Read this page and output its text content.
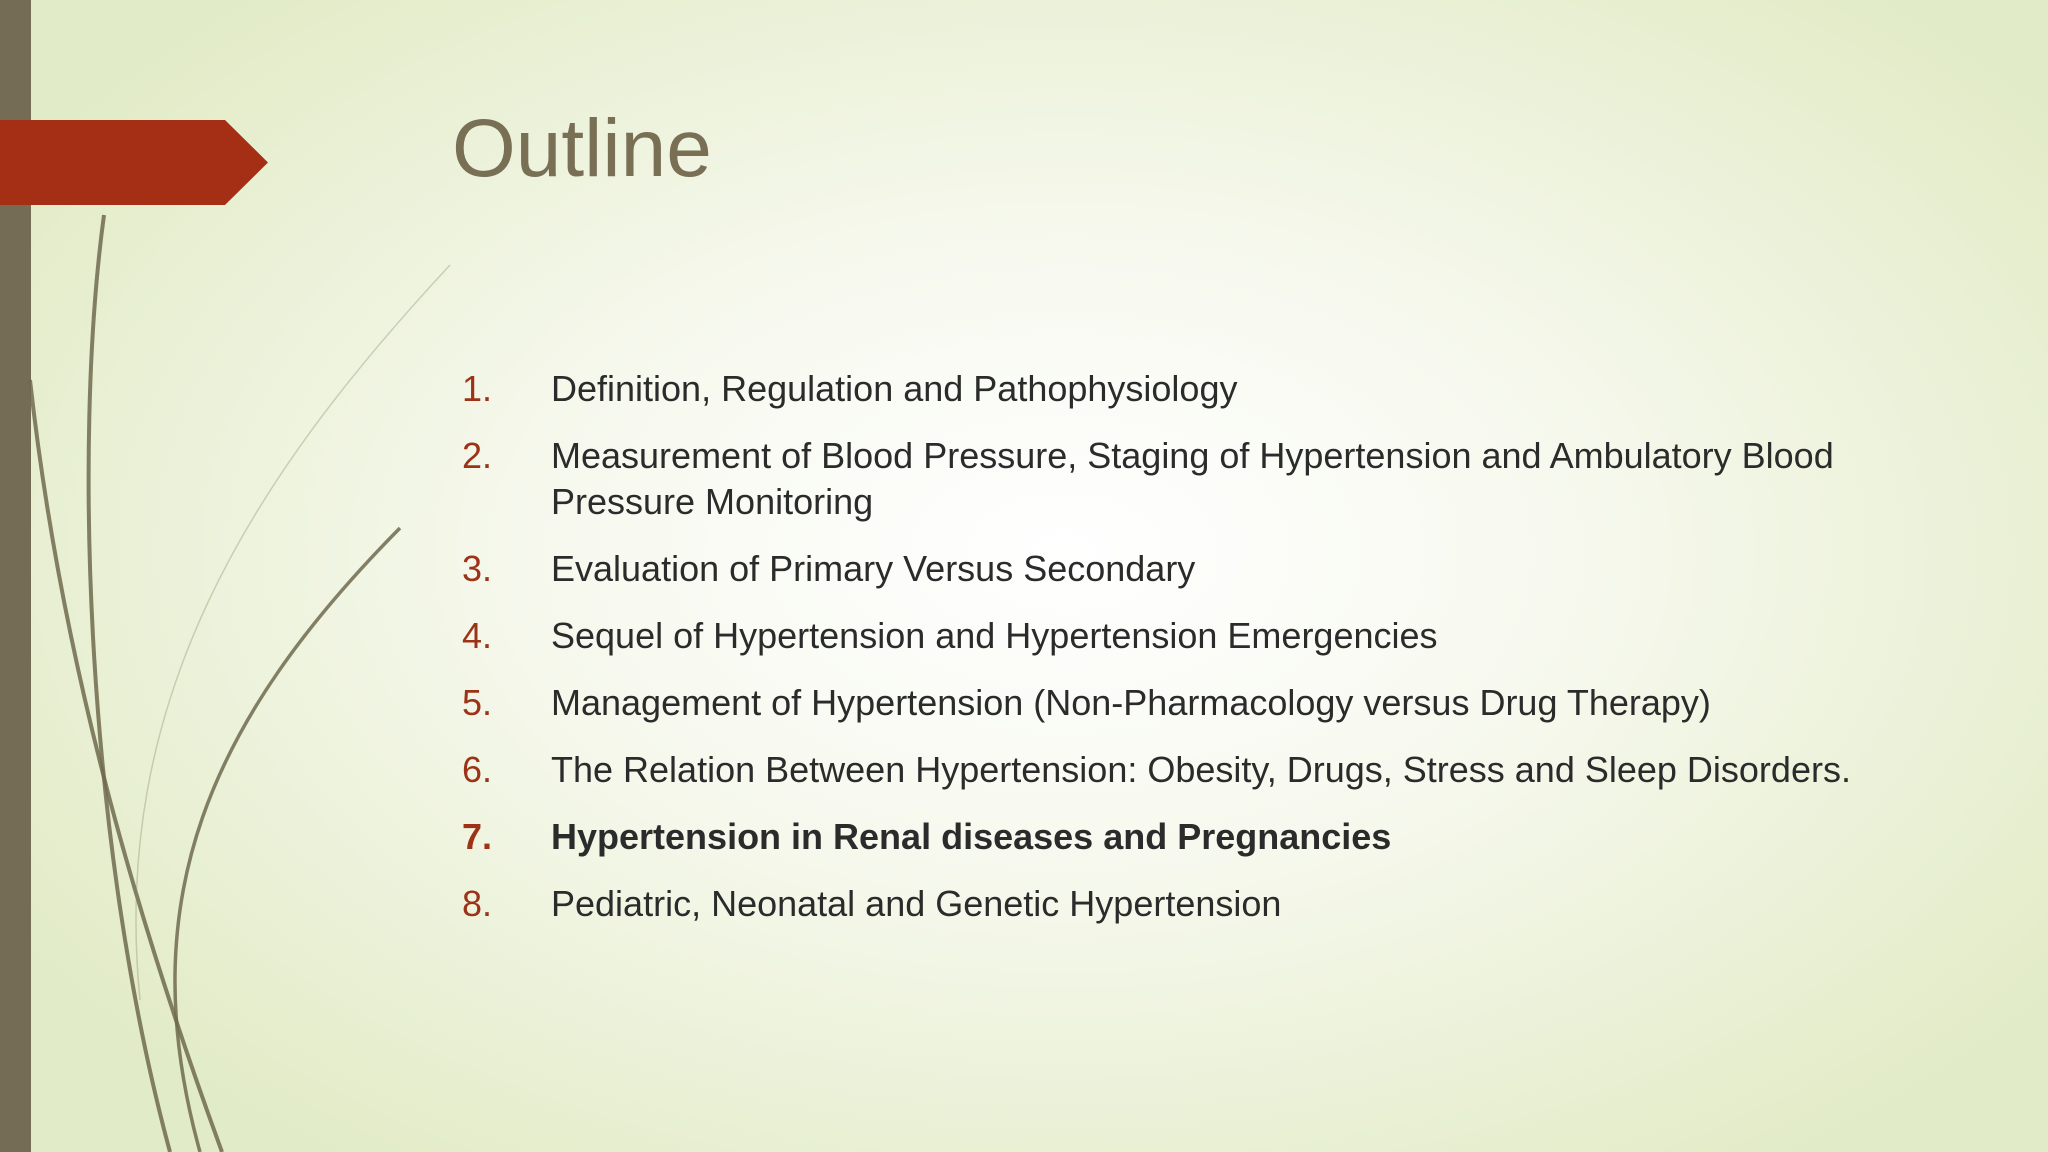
Outline
1.	Definition, Regulation and Pathophysiology
2.	Measurement of Blood Pressure, Staging of Hypertension and Ambulatory Blood Pressure Monitoring
3.	Evaluation of Primary Versus Secondary
4.	Sequel of Hypertension and Hypertension Emergencies
5.	Management of Hypertension (Non-Pharmacology versus Drug Therapy)
6.	The Relation Between Hypertension: Obesity, Drugs, Stress and Sleep Disorders.
7.	Hypertension in Renal diseases and Pregnancies
8.	Pediatric, Neonatal and Genetic Hypertension
